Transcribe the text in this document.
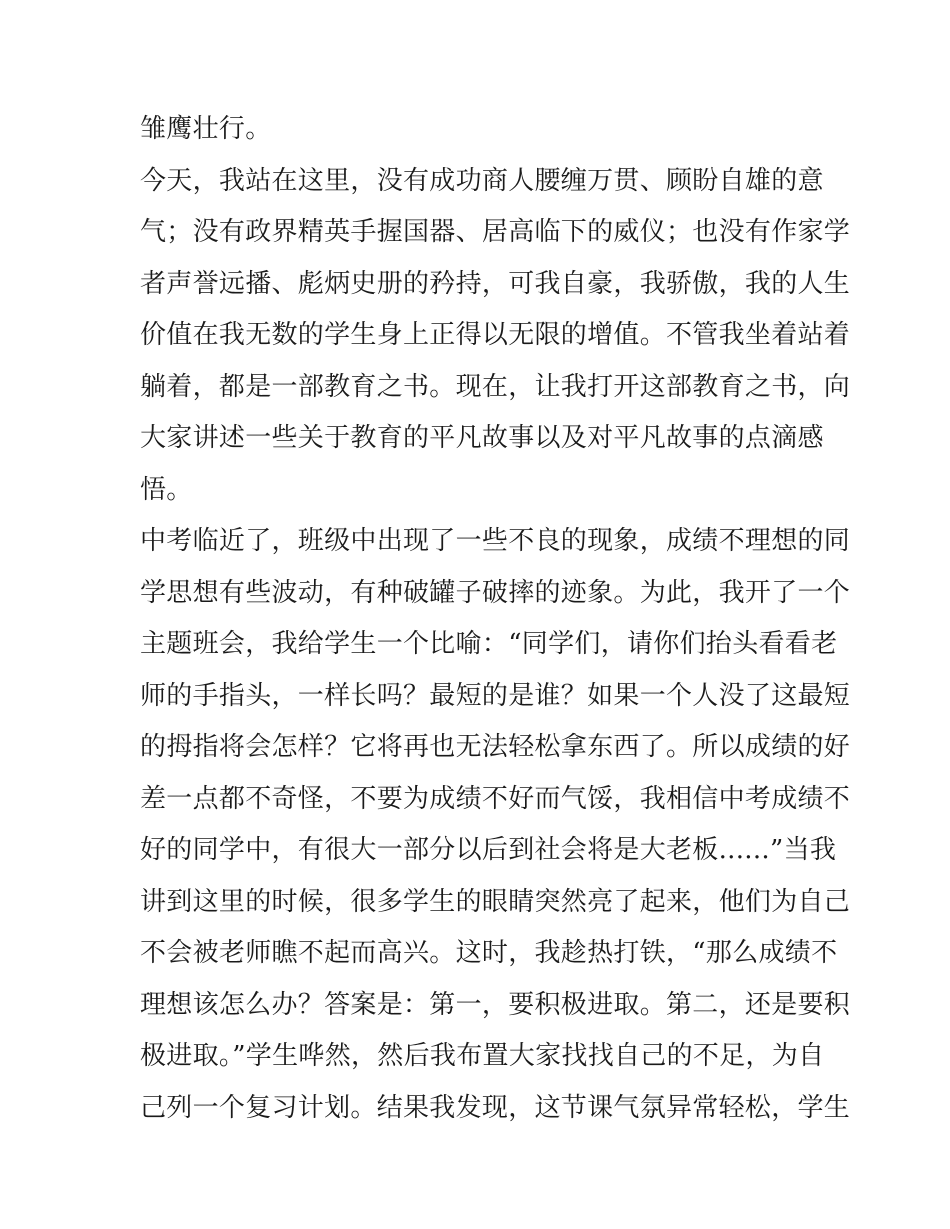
雏鹰壮行。
今天，我站在这里，没有成功商人腰缠万贯、顾盼自雄的意
气；没有政界精英手握国器、居高临下的威仪；也没有作家学
者声誉远播、彪炳史册的矜持，可我自豪，我骄傲，我的人生
价值在我无数的学生身上正得以无限的增值。不管我坐着站着
躺着，都是一部教育之书。现在，让我打开这部教育之书，向
大家讲述一些关于教育的平凡故事以及对平凡故事的点滴感
悟。
中考临近了，班级中出现了一些不良的现象，成绩不理想的同
学思想有些波动，有种破罐子破摔的迹象。为此，我开了一个
主题班会，我给学生一个比喻：“同学们，请你们抬头看看老
师的手指头，一样长吗？最短的是谁？如果一个人没了这最短
的拇指将会怎样？它将再也无法轻松拿东西了。所以成绩的好
差一点都不奇怪，不要为成绩不好而气馁，我相信中考成绩不
好的同学中，有很大一部分以后到社会将是大老板......”当我
讲到这里的时候，很多学生的眼睛突然亮了起来，他们为自己
不会被老师瞧不起而高兴。这时，我趁热打铁，“那么成绩不
理想该怎么办？答案是：第一，要积极进取。第二，还是要积
极进取。”学生哗然，然后我布置大家找找自己的不足，为自
己列一个复习计划。结果我发现，这节课气氛异常轻松，学生
